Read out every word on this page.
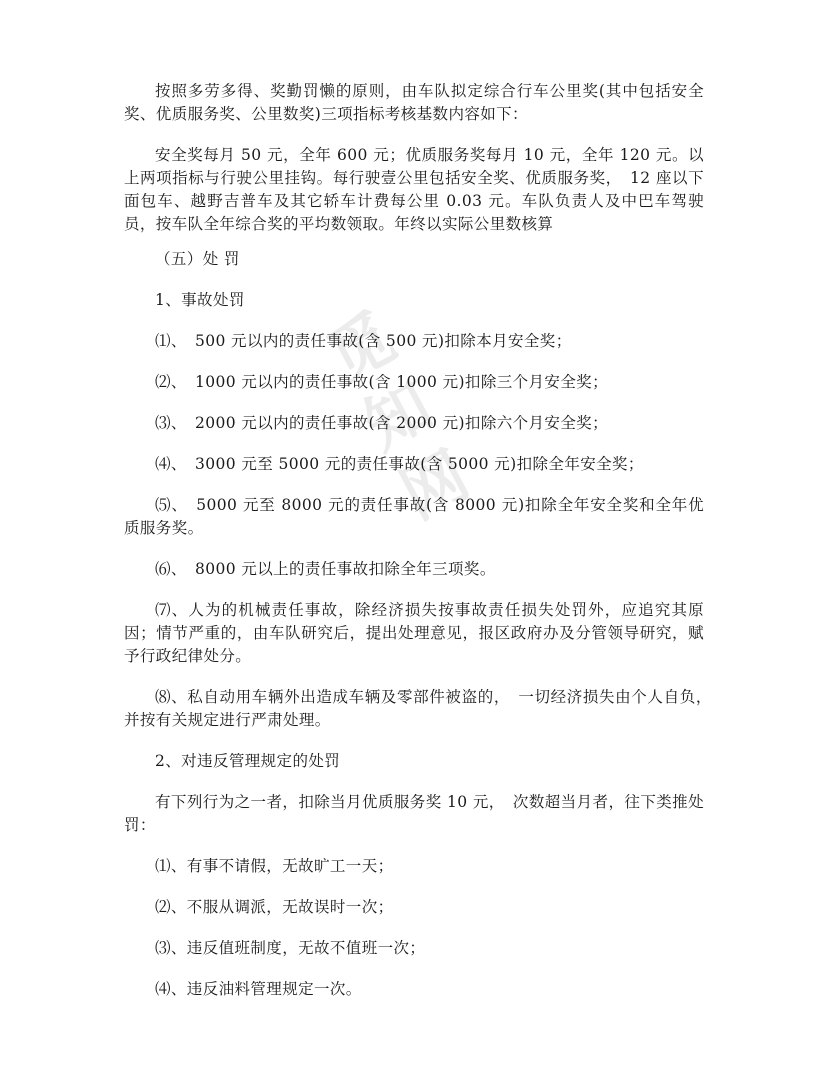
觅
知
网

按照多劳多得、奖勤罚懒的原则，由车队拟定综合行车公里奖(其中包括安全奖、优质服务奖、公里数奖)三项指标考核基数内容如下：

安全奖每月 50 元，全年 600 元；优质服务奖每月 10 元，全年 120 元。以上两项指标与行驶公里挂钩。每行驶壹公里包括安全奖、优质服务奖，　12 座以下面包车、越野吉普车及其它轿车计费每公里 0.03 元。车队负责人及中巴车驾驶员，按车队全年综合奖的平均数领取。年终以实际公里数核算

（五）处 罚

1、事故处罚

⑴、　500 元以内的责任事故(含 500 元)扣除本月安全奖；

⑵、　1000 元以内的责任事故(含 1000 元)扣除三个月安全奖；

⑶、　2000 元以内的责任事故(含 2000 元)扣除六个月安全奖；

⑷、　3000 元至 5000 元的责任事故(含 5000 元)扣除全年安全奖；

⑸、　5000 元至 8000 元的责任事故(含 8000 元)扣除全年安全奖和全年优质服务奖。

⑹、　8000 元以上的责任事故扣除全年三项奖。

⑺、人为的机械责任事故，除经济损失按事故责任损失处罚外，应追究其原因；情节严重的，由车队研究后，提出处理意见，报区政府办及分管领导研究，赋予行政纪律处分。

⑻、私自动用车辆外出造成车辆及零部件被盗的，　一切经济损失由个人自负，　并按有关规定进行严肃处理。

2、对违反管理规定的处罚

有下列行为之一者，扣除当月优质服务奖 10 元，　次数超当月者，往下类推处罚：

⑴、有事不请假，无故旷工一天；

⑵、不服从调派，无故误时一次；

⑶、违反值班制度，无故不值班一次；

⑷、违反油料管理规定一次。
